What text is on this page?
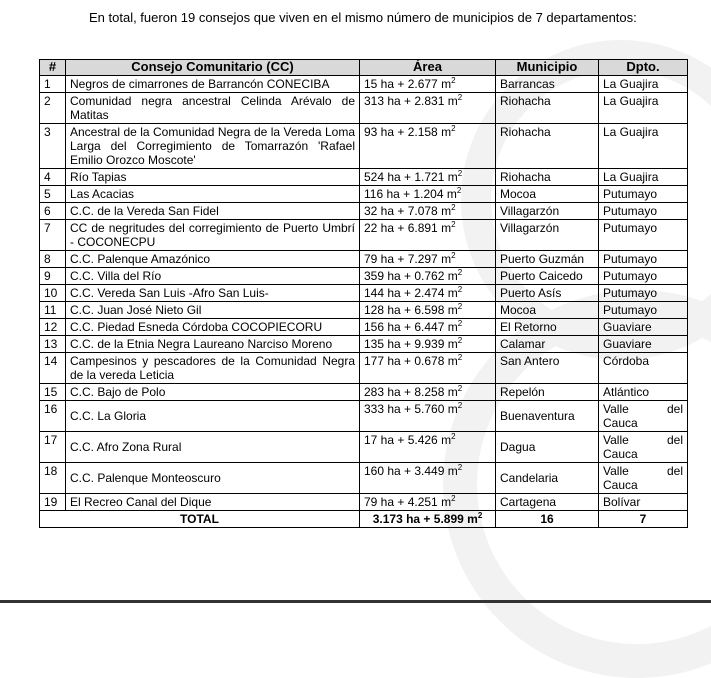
En total, fueron 19 consejos que viven en el mismo número de municipios de 7 departamentos:

#	Consejo Comunitario (CC)	Área	Municipio	Dpto.
1	Negros de cimarrones de Barrancón CONECIBA	15 ha + 2.677 $m^2$	Barrancas	La Guajira
2	Comunidad negra ancestral Celinda Arévalo de Matitas	313 ha + 2.831 $m^2$	Riohacha	La Guajira
3	Ancestral de la Comunidad Negra de la Vereda Loma Larga del Corregimiento de Tomarrazón 'Rafael Emilio Orozco Moscote'	93 ha + 2.158 $m^2$	Riohacha	La Guajira
4	Río Tapias	524 ha + 1.721 $m^2$	Riohacha	La Guajira
5	Las Acacias	116 ha + 1.204 $m^2$	Mocoa	Putumayo
6	C.C. de la Vereda San Fidel	32 ha + 7.078 $m^2$	Villagarzón	Putumayo
7	CC de negritudes del corregimiento de Puerto Umbrí - COCONECPU	22 ha + 6.891 $m^2$	Villagarzón	Putumayo
8	C.C. Palenque Amazónico	79 ha + 7.297 $m^2$	Puerto Guzmán	Putumayo
9	C.C. Villa del Río	359 ha + 0.762 $m^2$	Puerto Caicedo	Putumayo
10	C.C. Vereda San Luis -Afro San Luis-	144 ha + 2.474 $m^2$	Puerto Asís	Putumayo
11	C.C. Juan José Nieto Gil	128 ha + 6.598 $m^2$	Mocoa	Putumayo
12	C.C. Piedad Esneda Córdoba COCOPIECORU	156 ha + 6.447 $m^2$	El Retorno	Guaviare
13	C.C. de la Etnia Negra Laureano Narciso Moreno	135 ha + 9.939 $m^2$	Calamar	Guaviare
14	Campesinos y pescadores de la Comunidad Negra de la vereda Leticia	177 ha + 0.678 $m^2$	San Antero	Córdoba
15	C.C. Bajo de Polo	283 ha + 8.258 $m^2$	Repelón	Atlántico
16	C.C. La Gloria	333 ha + 5.760 $m^2$	Buenaventura	Valle del Cauca
17	C.C. Afro Zona Rural	17 ha + 5.426 $m^2$	Dagua	Valle del Cauca
18	C.C. Palenque Monteoscuro	160 ha + 3.449 $m^2$	Candelaria	Valle del Cauca
19	El Recreo Canal del Dique	79 ha + 4.251 $m^2$	Cartagena	Bolívar
TOTAL		3.173 ha + 5.899 $m^2$	16	7
